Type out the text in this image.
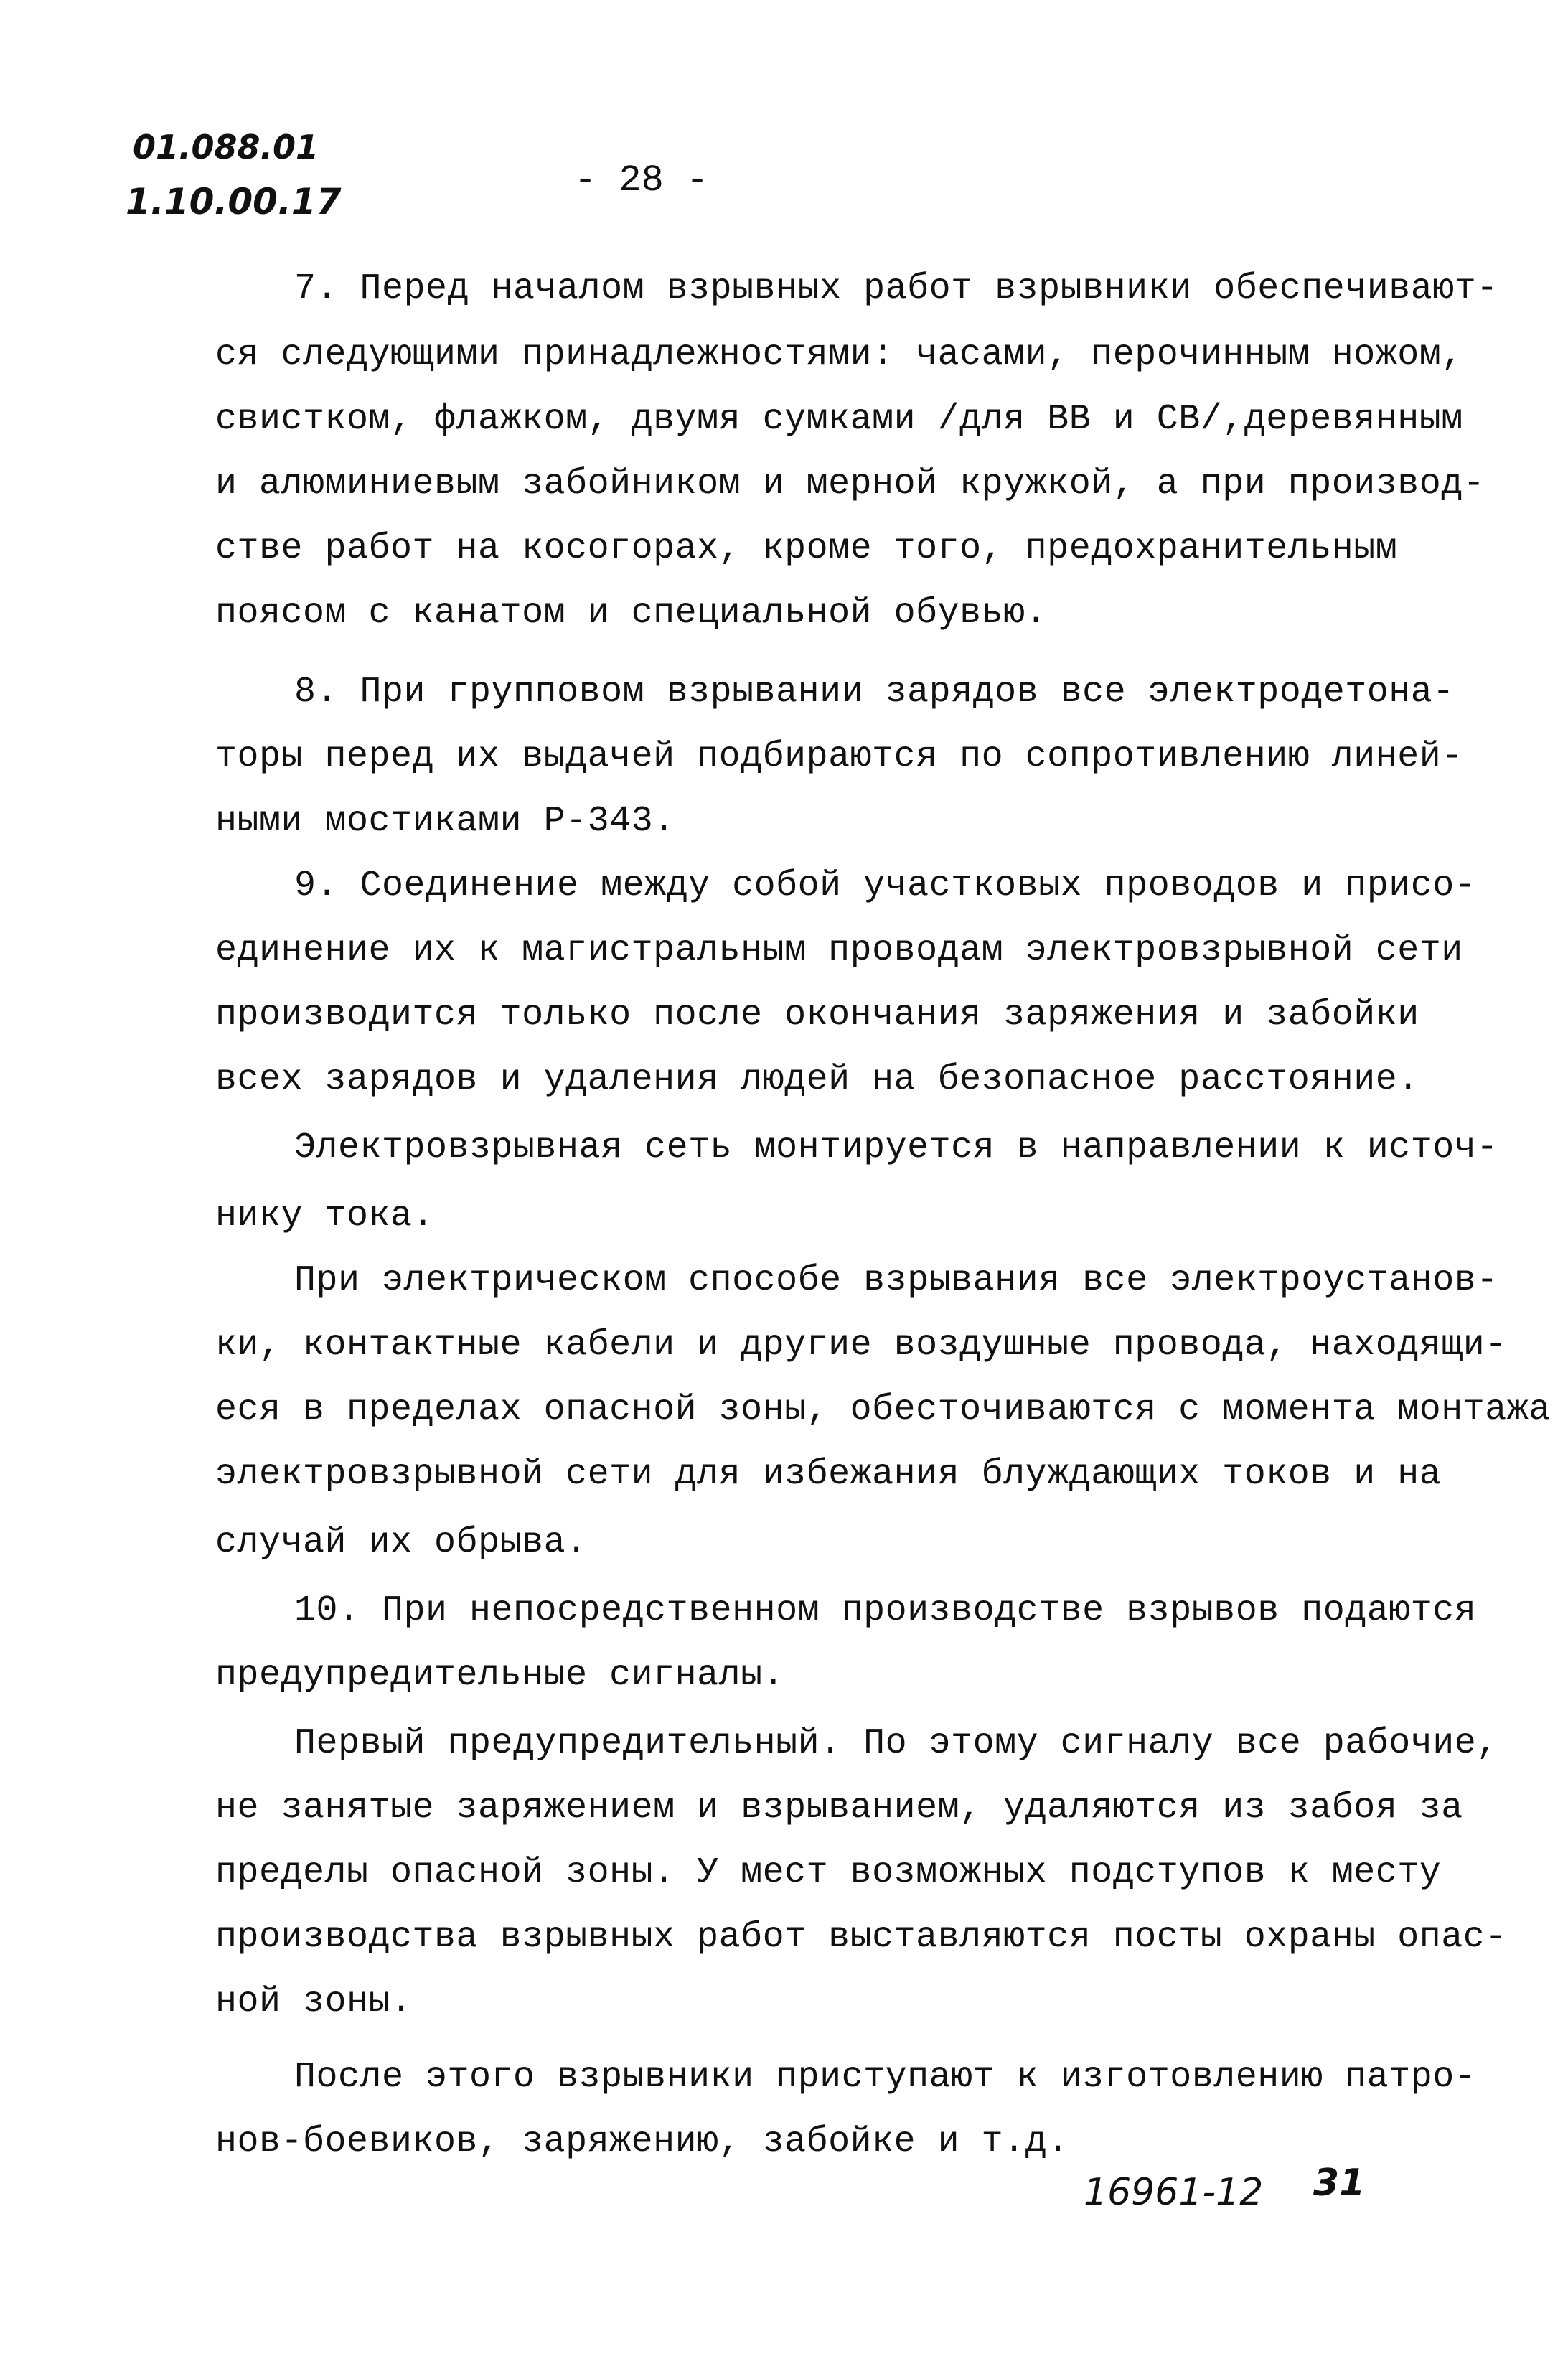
01.088.01
1.10.00.17	- 28 -
7. Перед началом взрывных работ взрывники обеспечивают-
ся следующими принадлежностями: часами, перочинным ножом,
свистком, флажком, двумя сумками /для ВВ и СВ/,деревянным
и алюминиевым забойником и мерной кружкой, а при производ-
стве работ на косогорах, кроме того, предохранительным
поясом с канатом и специальной обувью.
8. При групповом взрывании зарядов все электродетона-
торы перед их выдачей подбираются по сопротивлению линей-
ными мостиками Р-343.
9. Соединение между собой участковых проводов и присо-
единение их к магистральным проводам электровзрывной сети
производится только после окончания заряжения и забойки
всех зарядов и удаления людей на безопасное расстояние.
Электровзрывная сеть монтируется в направлении к источ-
нику тока.
При электрическом способе взрывания все электроустанов-
ки, контактные кабели и другие воздушные провода, находящи-
еся в пределах опасной зоны, обесточиваются с момента монтажа
электровзрывной сети для избежания блуждающих токов и на
случай их обрыва.
10. При непосредственном производстве взрывов подаются
предупредительные сигналы.
Первый предупредительный. По этому сигналу все рабочие,
не занятые заряжением и взрыванием, удаляются из забоя за
пределы опасной зоны. У мест возможных подступов к месту
производства взрывных работ выставляются посты охраны опас-
ной зоны.
После этого взрывники приступают к изготовлению патро-
нов-боевиков, заряжению, забойке и т.д.
16961-12 31
